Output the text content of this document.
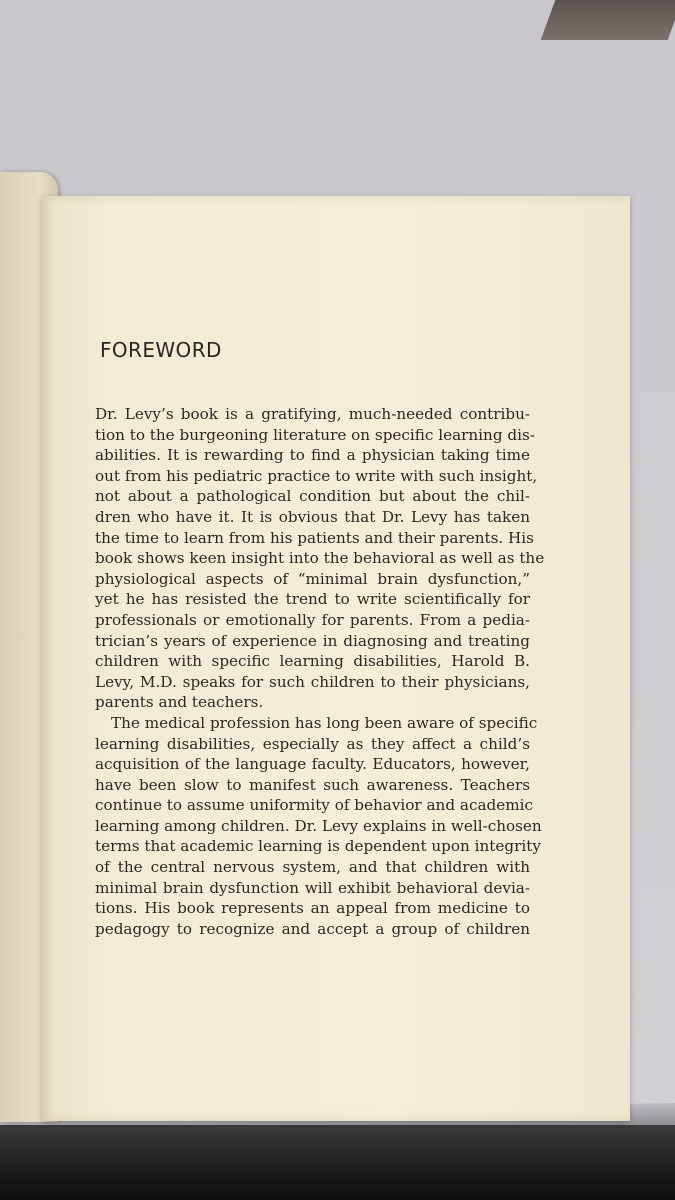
FOREWORD
Dr. Levy’s book is a gratifying, much-needed contribu-
tion to the burgeoning literature on specific learning dis-
abilities. It is rewarding to find a physician taking time
out from his pediatric practice to write with such insight,
not about a pathological condition but about the chil-
dren who have it. It is obvious that Dr. Levy has taken
the time to learn from his patients and their parents. His
book shows keen insight into the behavioral as well as the
physiological aspects of “minimal brain dysfunction,”
yet he has resisted the trend to write scientifically for
professionals or emotionally for parents. From a pedia-
trician’s years of experience in diagnosing and treating
children with specific learning disabilities, Harold B.
Levy, M.D. speaks for such children to their physicians,
parents and teachers.
The medical profession has long been aware of specific
learning disabilities, especially as they affect a child’s
acquisition of the language faculty. Educators, however,
have been slow to manifest such awareness. Teachers
continue to assume uniformity of behavior and academic
learning among children. Dr. Levy explains in well-chosen
terms that academic learning is dependent upon integrity
of the central nervous system, and that children with
minimal brain dysfunction will exhibit behavioral devia-
tions. His book represents an appeal from medicine to
pedagogy to recognize and accept a group of children
